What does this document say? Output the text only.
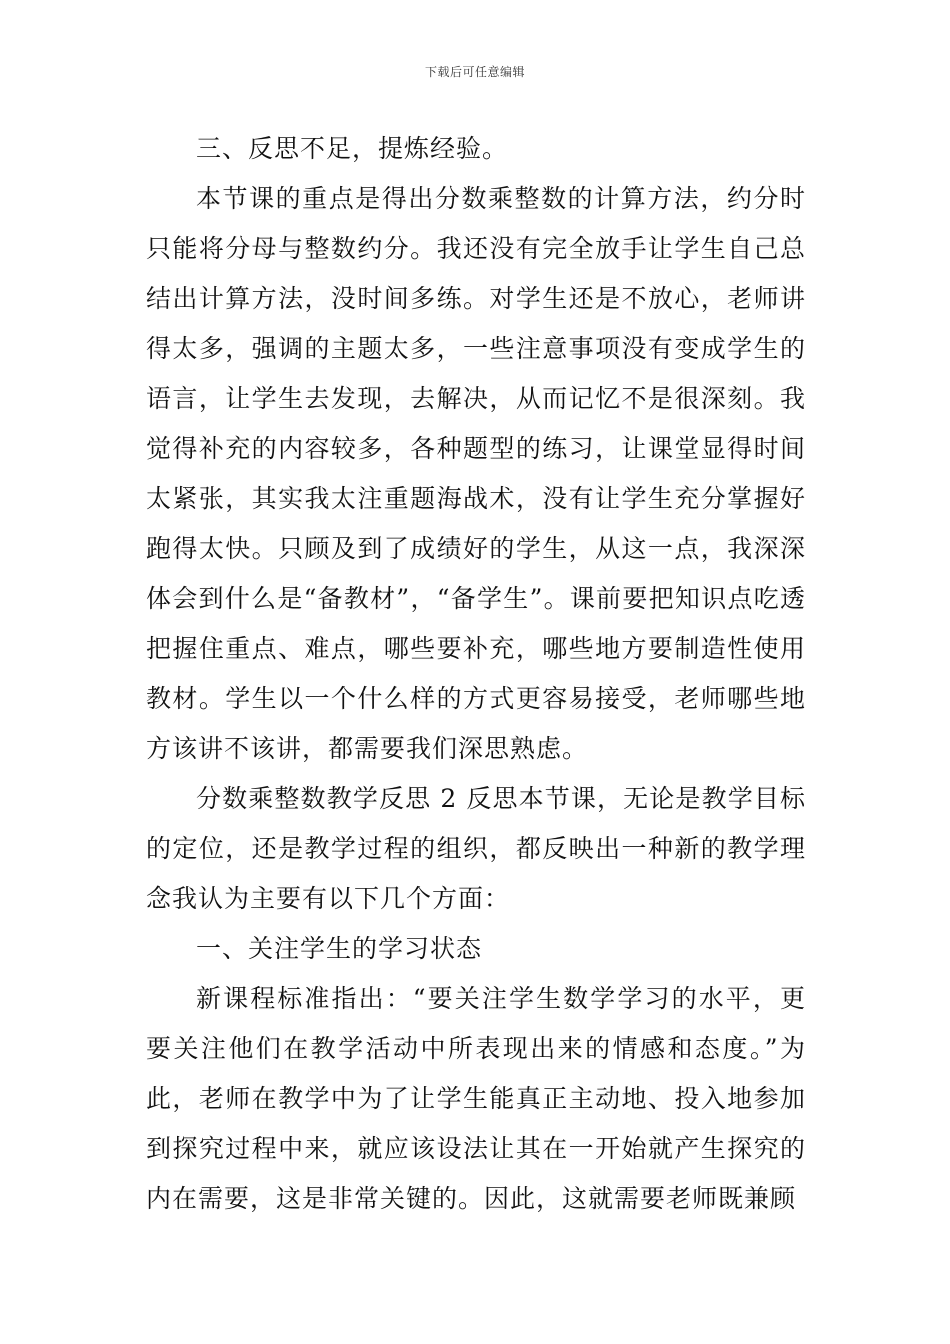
下载后可任意编辑

三、反思不足，提炼经验。

本节课的重点是得出分数乘整数的计算方法，约分时只能将分母与整数约分。我还没有完全放手让学生自己总结出计算方法，没时间多练。对学生还是不放心，老师讲得太多，强调的主题太多，一些注意事项没有变成学生的语言，让学生去发现，去解决，从而记忆不是很深刻。我觉得补充的内容较多，各种题型的练习，让课堂显得时间太紧张，其实我太注重题海战术，没有让学生充分掌握好跑得太快。只顾及到了成绩好的学生，从这一点，我深深体会到什么是“备教材”，“备学生”。课前要把知识点吃透把握住重点、难点，哪些要补充，哪些地方要制造性使用教材。学生以一个什么样的方式更容易接受，老师哪些地方该讲不该讲，都需要我们深思熟虑。

分数乘整数教学反思 2 反思本节课，无论是教学目标的定位，还是教学过程的组织，都反映出一种新的教学理念我认为主要有以下几个方面：

一、关注学生的学习状态

新课程标准指出：“要关注学生数学学习的水平，更要关注他们在教学活动中所表现出来的情感和态度。”为此，老师在教学中为了让学生能真正主动地、投入地参加到探究过程中来，就应该设法让其在一开始就产生探究的内在需要，这是非常关键的。因此，这就需要老师既兼顾
